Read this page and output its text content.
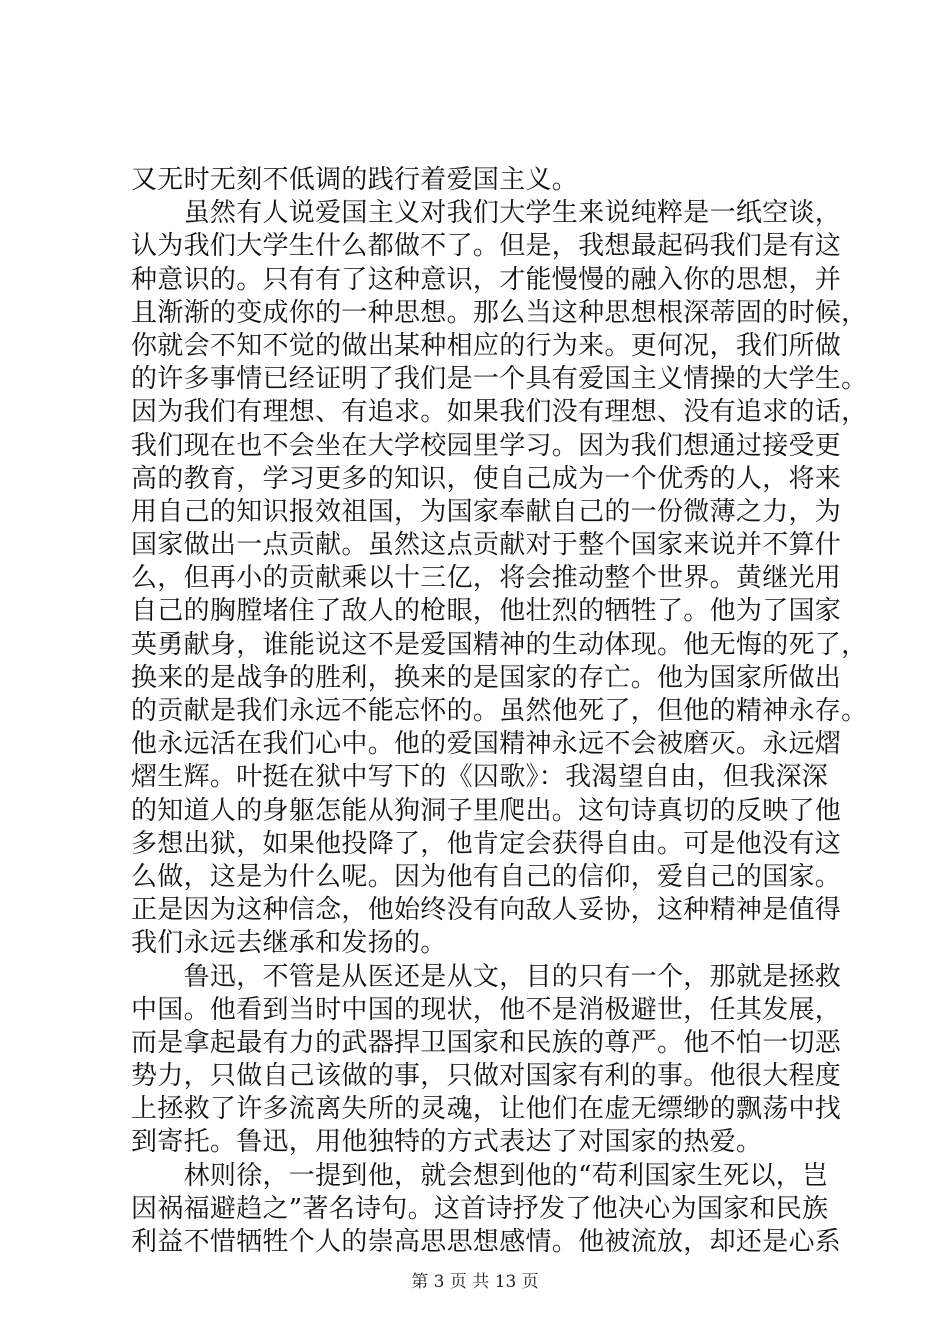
又无时无刻不低调的践行着爱国主义。
　　虽然有人说爱国主义对我们大学生来说纯粹是一纸空谈，
认为我们大学生什么都做不了。但是，我想最起码我们是有这
种意识的。只有有了这种意识，才能慢慢的融入你的思想，并
且渐渐的变成你的一种思想。那么当这种思想根深蒂固的时候，
你就会不知不觉的做出某种相应的行为来。更何况，我们所做
的许多事情已经证明了我们是一个具有爱国主义情操的大学生。
因为我们有理想、有追求。如果我们没有理想、没有追求的话，
我们现在也不会坐在大学校园里学习。因为我们想通过接受更
高的教育，学习更多的知识，使自己成为一个优秀的人，将来
用自己的知识报效祖国，为国家奉献自己的一份微薄之力，为
国家做出一点贡献。虽然这点贡献对于整个国家来说并不算什
么，但再小的贡献乘以十三亿，将会推动整个世界。黄继光用
自己的胸膛堵住了敌人的枪眼，他壮烈的牺牲了。他为了国家
英勇献身，谁能说这不是爱国精神的生动体现。他无悔的死了，
换来的是战争的胜利，换来的是国家的存亡。他为国家所做出
的贡献是我们永远不能忘怀的。虽然他死了，但他的精神永存。
他永远活在我们心中。他的爱国精神永远不会被磨灭。永远熠
熠生辉。叶挺在狱中写下的《囚歌》：我渴望自由，但我深深
的知道人的身躯怎能从狗洞子里爬出。这句诗真切的反映了他
多想出狱，如果他投降了，他肯定会获得自由。可是他没有这
么做，这是为什么呢。因为他有自己的信仰，爱自己的国家。
正是因为这种信念，他始终没有向敌人妥协，这种精神是值得
我们永远去继承和发扬的。
　　鲁迅，不管是从医还是从文，目的只有一个，那就是拯救
中国。他看到当时中国的现状，他不是消极避世，任其发展，
而是拿起最有力的武器捍卫国家和民族的尊严。他不怕一切恶
势力，只做自己该做的事，只做对国家有利的事。他很大程度
上拯救了许多流离失所的灵魂，让他们在虚无缥缈的飘荡中找
到寄托。鲁迅，用他独特的方式表达了对国家的热爱。
　　林则徐，一提到他，就会想到他的“苟利国家生死以，岂
因祸福避趋之”著名诗句。这首诗抒发了他决心为国家和民族
利益不惜牺牲个人的崇高思思想感情。他被流放，却还是心系
第 3 页 共 13 页
